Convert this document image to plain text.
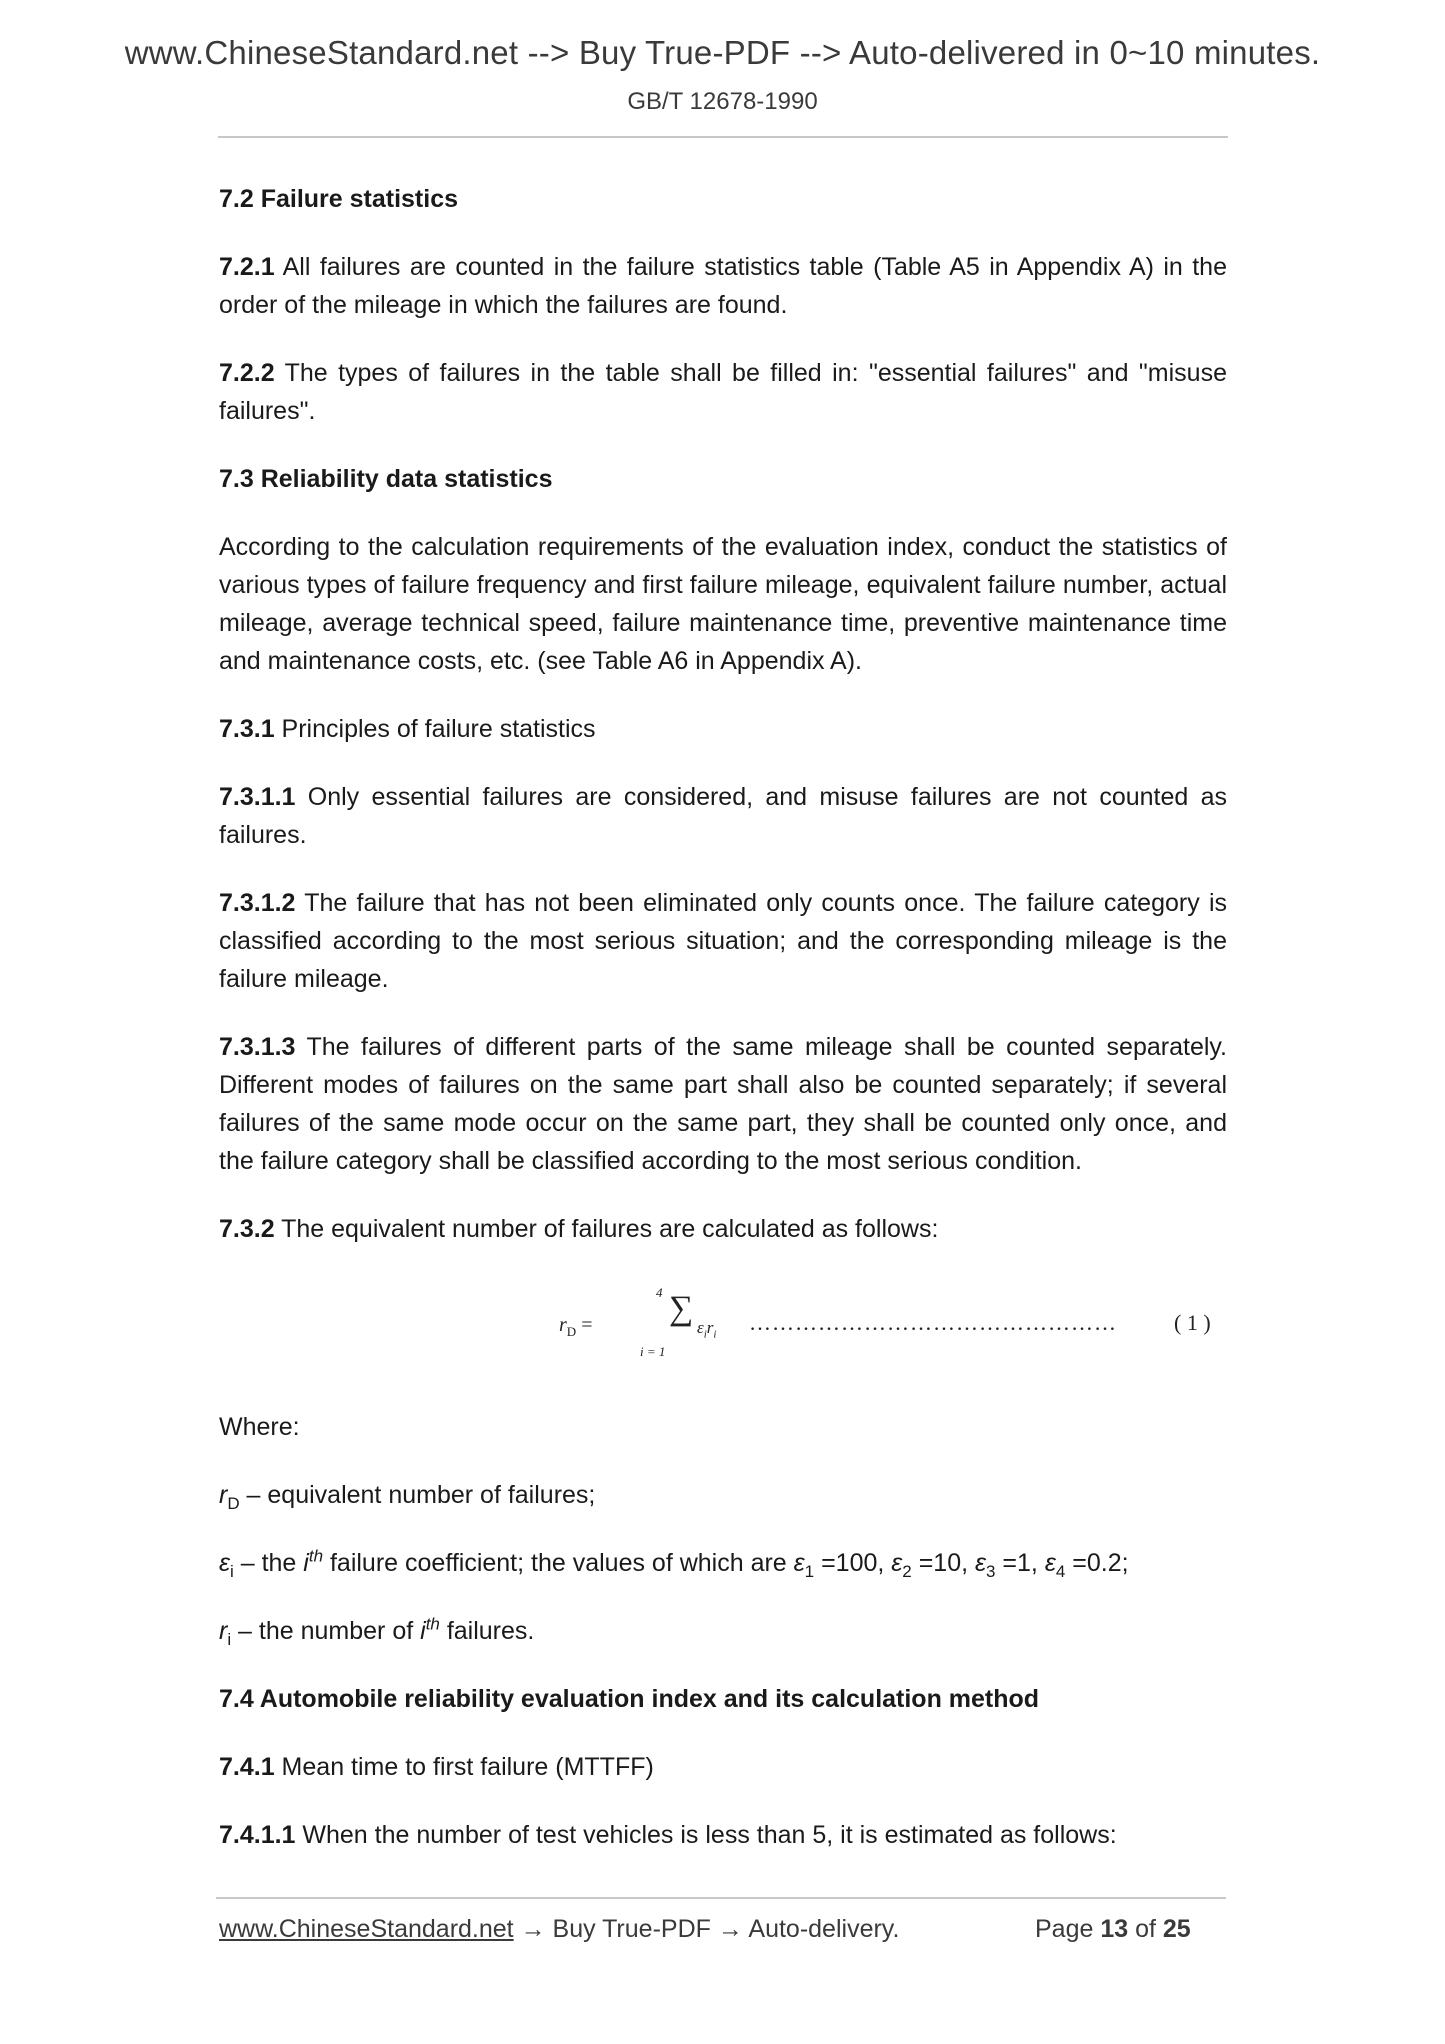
www.ChineseStandard.net --> Buy True-PDF --> Auto-delivered in 0~10 minutes.
GB/T 12678-1990

7.2 Failure statistics

7.2.1 All failures are counted in the failure statistics table (Table A5 in Appendix A) in the order of the mileage in which the failures are found.

7.2.2 The types of failures in the table shall be filled in: "essential failures" and "misuse failures".

7.3 Reliability data statistics

According to the calculation requirements of the evaluation index, conduct the statistics of various types of failure frequency and first failure mileage, equivalent failure number, actual mileage, average technical speed, failure maintenance time, preventive maintenance time and maintenance costs, etc. (see Table A6 in Appendix A).

7.3.1 Principles of failure statistics

7.3.1.1 Only essential failures are considered, and misuse failures are not counted as failures.

7.3.1.2 The failure that has not been eliminated only counts once. The failure category is classified according to the most serious situation; and the corresponding mileage is the failure mileage.

7.3.1.3 The failures of different parts of the same mileage shall be counted separately. Different modes of failures on the same part shall also be counted separately; if several failures of the same mode occur on the same part, they shall be counted only once, and the failure category shall be classified according to the most serious condition.

7.3.2 The equivalent number of failures are calculated as follows:

$r_D$ =
4 ∑
i = 1
$\varepsilon_ir_i$ …………………………………………	( 1 )

Where:

$r_D$ – equivalent number of failures;

$\varepsilon_i$ – the $i^{th}$ failure coefficient; the values of which are $\varepsilon_1 =100$, $\varepsilon_2 =10$, $\varepsilon_3 =1$, $\varepsilon_4 =0.2$;

$r_i$ – the number of $i^{th}$ failures.

7.4 Automobile reliability evaluation index and its calculation method

7.4.1 Mean time to first failure (MTTFF)

7.4.1.1 When the number of test vehicles is less than 5, it is estimated as follows:

www.ChineseStandard.net → Buy True-PDF → Auto-delivery.	Page 13 of 25
